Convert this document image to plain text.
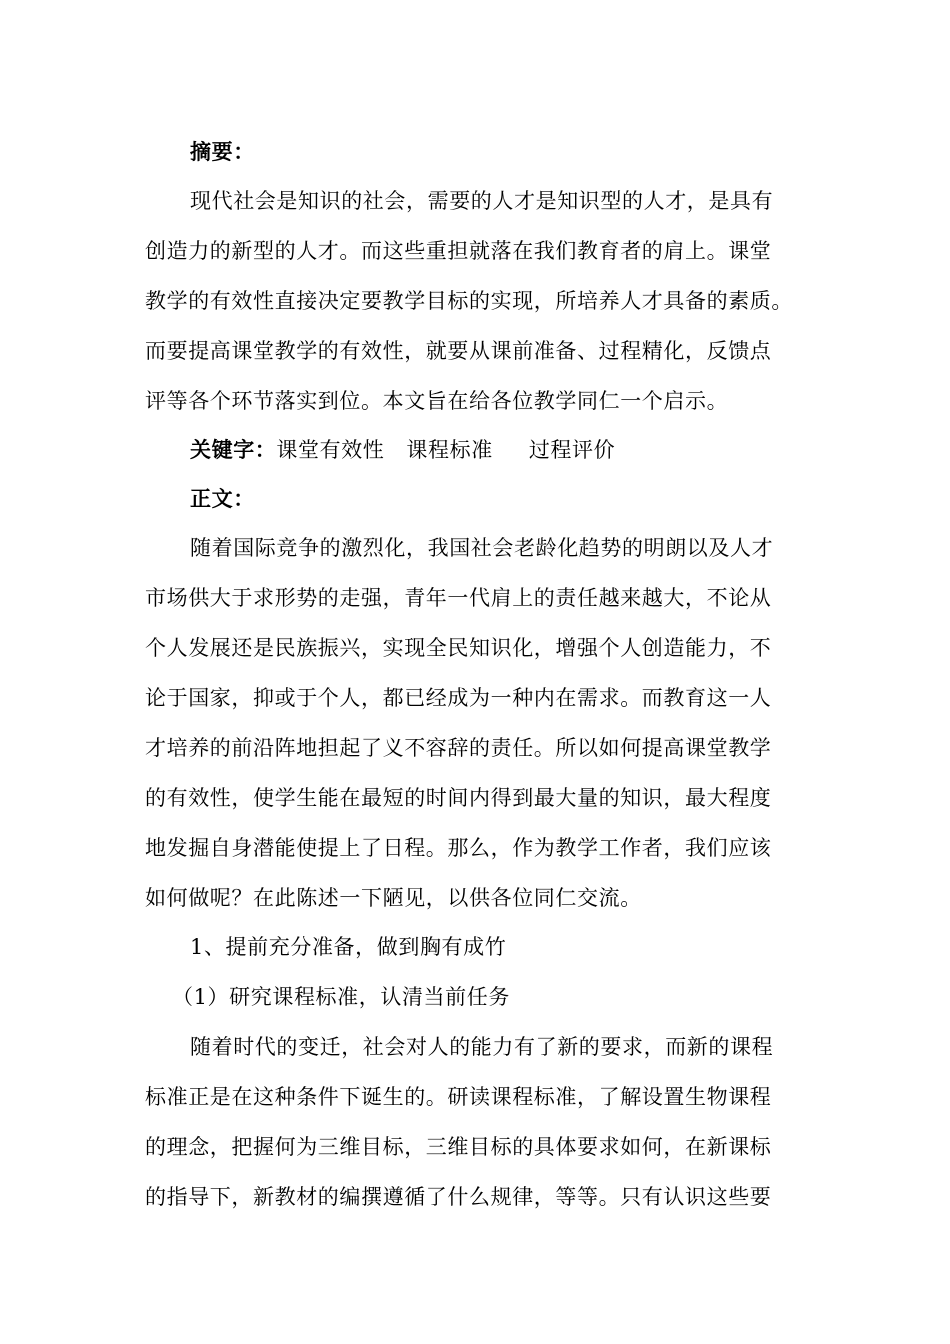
摘要：
现代社会是知识的社会，需要的人才是知识型的人才，是具有
创造力的新型的人才。而这些重担就落在我们教育者的肩上。课堂
教学的有效性直接决定要教学目标的实现，所培养人才具备的素质。
而要提高课堂教学的有效性，就要从课前准备、过程精化，反馈点
评等各个环节落实到位。本文旨在给各位教学同仁一个启示。
关键字：课堂有效性 课程标准 过程评价
正文：
随着国际竞争的激烈化，我国社会老龄化趋势的明朗以及人才
市场供大于求形势的走强，青年一代肩上的责任越来越大，不论从
个人发展还是民族振兴，实现全民知识化，增强个人创造能力，不
论于国家，抑或于个人，都已经成为一种内在需求。而教育这一人
才培养的前沿阵地担起了义不容辞的责任。所以如何提高课堂教学
的有效性，使学生能在最短的时间内得到最大量的知识，最大程度
地发掘自身潜能使提上了日程。那么，作为教学工作者，我们应该
如何做呢？在此陈述一下陋见，以供各位同仁交流。
1、提前充分准备，做到胸有成竹
（1）研究课程标准，认清当前任务
随着时代的变迁，社会对人的能力有了新的要求，而新的课程
标准正是在这种条件下诞生的。研读课程标准，了解设置生物课程
的理念，把握何为三维目标，三维目标的具体要求如何，在新课标
的指导下，新教材的编撰遵循了什么规律，等等。只有认识这些要
